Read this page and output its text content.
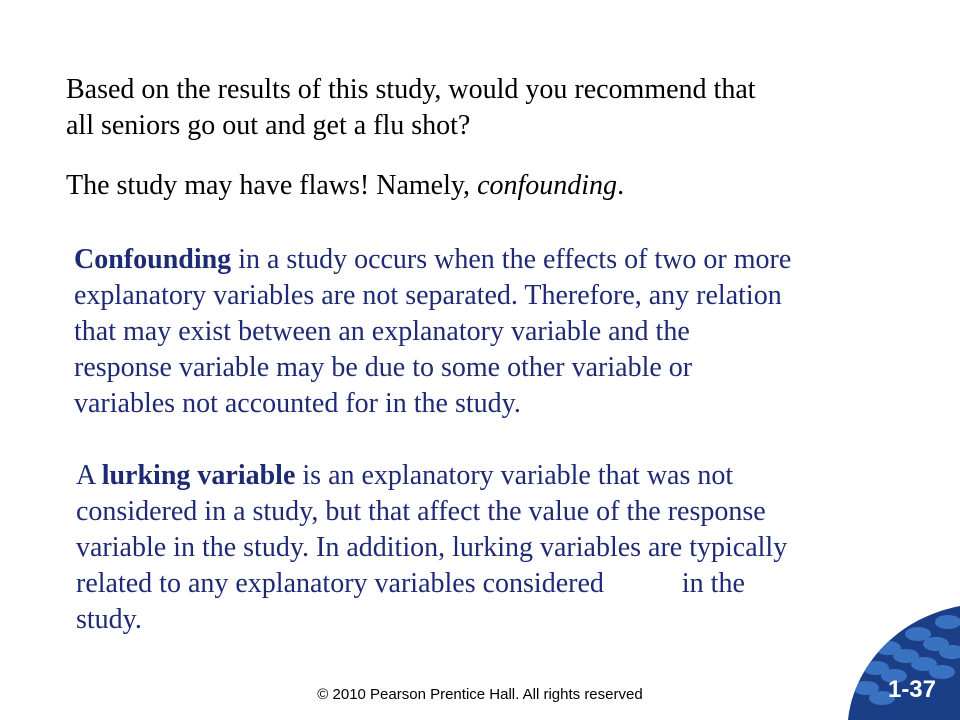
Based on the results of this study, would you recommend that
all seniors go out and get a flu shot?
The study may have flaws! Namely, confounding.
Confounding in a study occurs when the effects of two or more
explanatory variables are not separated. Therefore, any relation
that may exist between an explanatory variable and the
response variable may be due to some other variable or
variables not accounted for in the study.
A lurking variable is an explanatory variable that was not
considered in a study, but that affect the value of the response
variable in the study. In addition, lurking variables are typically
related to any explanatory variables considered	in the
study.
© 2010 Pearson Prentice Hall. All rights reserved	1-37
